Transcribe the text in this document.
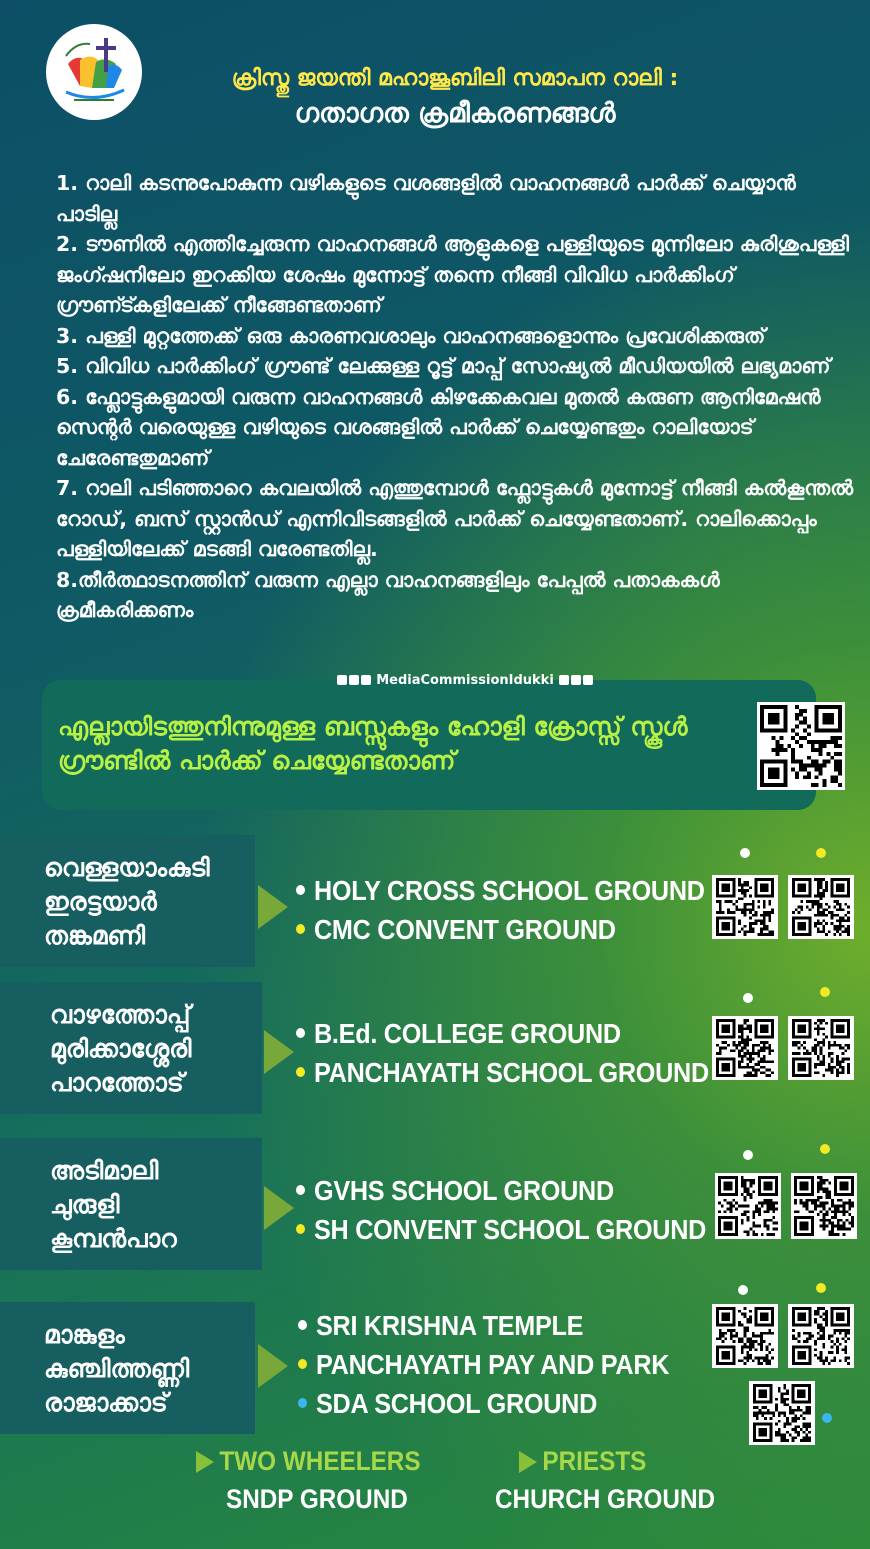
ക്രിസ്തു ജയന്തി മഹാജൂബിലി സമാപന റാലി :
ഗതാഗത ക്രമീകരണങ്ങൾ
1. റാലി കടന്നുപോകുന്ന വഴികളുടെ വശങ്ങളിൽ വാഹനങ്ങൾ പാർക്ക് ചെയ്യാൻ പാടില്ല
2. ടൗണിൽ എത്തിച്ചേരുന്ന വാഹനങ്ങൾ ആളുകളെ പള്ളിയുടെ മുന്നിലോ കുരിശുപള്ളി ജംഗ്ഷനിലോ ഇറക്കിയ ശേഷം മുന്നോട്ട് തന്നെ നീങ്ങി വിവിധ പാർക്കിംഗ് ഗ്രൗണ്ട്കളിലേക്ക് നീങ്ങേണ്ടതാണ്
3. പള്ളി മുറ്റത്തേക്ക് ഒരു കാരണവശാലും വാഹനങ്ങളൊന്നും പ്രവേശിക്കരുത്
5. വിവിധ പാർക്കിംഗ് ഗ്രൗണ്ട് ലേക്കുള്ള റൂട്ട് മാപ്പ് സോഷ്യൽ മീഡിയയിൽ ലഭ്യമാണ്
6. ഫ്ലോട്ടുകളുമായി വരുന്ന വാഹനങ്ങൾ കിഴക്കേകവല മുതൽ കരുണ ആനിമേഷൻ സെന്റർ വരെയുള്ള വഴിയുടെ വശങ്ങളിൽ പാർക്ക് ചെയ്യേണ്ടതും റാലിയോട് ചേരേണ്ടതുമാണ്
7. റാലി പടിഞ്ഞാറെ കവലയിൽ എത്തുമ്പോൾ ഫ്ലോട്ടുകൾ മുന്നോട്ട് നീങ്ങി കൽകൂന്തൽ റോഡ്, ബസ് സ്റ്റാൻഡ് എന്നിവിടങ്ങളിൽ പാർക്ക് ചെയ്യേണ്ടതാണ്. റാലിക്കൊപ്പം പള്ളിയിലേക്ക് മടങ്ങി വരേണ്ടതില്ല.
8.തീർത്ഥാടനത്തിന് വരുന്ന എല്ലാ വാഹനങ്ങളിലും പേപ്പൽ പതാകകൾ ക്രമീകരിക്കണം
MediaCommissionIdukki
എല്ലായിടത്തുനിന്നുമുള്ള ബസ്സുകളും ഹോളി ക്രോസ്സ് സ്കൂൾ ഗ്രൗണ്ടിൽ പാർക്ക് ചെയ്യേണ്ടതാണ്
വെള്ളയാംകുടി
ഇരട്ടയാർ
തങ്കമണി
HOLY CROSS SCHOOL GROUND
CMC CONVENT GROUND
വാഴത്തോപ്പ്
മുരിക്കാശ്ശേരി
പാറത്തോട്
B.Ed. COLLEGE GROUND
PANCHAYATH SCHOOL GROUND
അടിമാലി
ചുരുളി
കൂമ്പൻപാറ
GVHS SCHOOL GROUND
SH CONVENT SCHOOL GROUND
മാങ്കുളം
കുഞ്ചിത്തണ്ണി
രാജാക്കാട്
SRI KRISHNA TEMPLE
PANCHAYATH PAY AND PARK
SDA SCHOOL GROUND
TWO WHEELERS
SNDP GROUND
PRIESTS
CHURCH GROUND
